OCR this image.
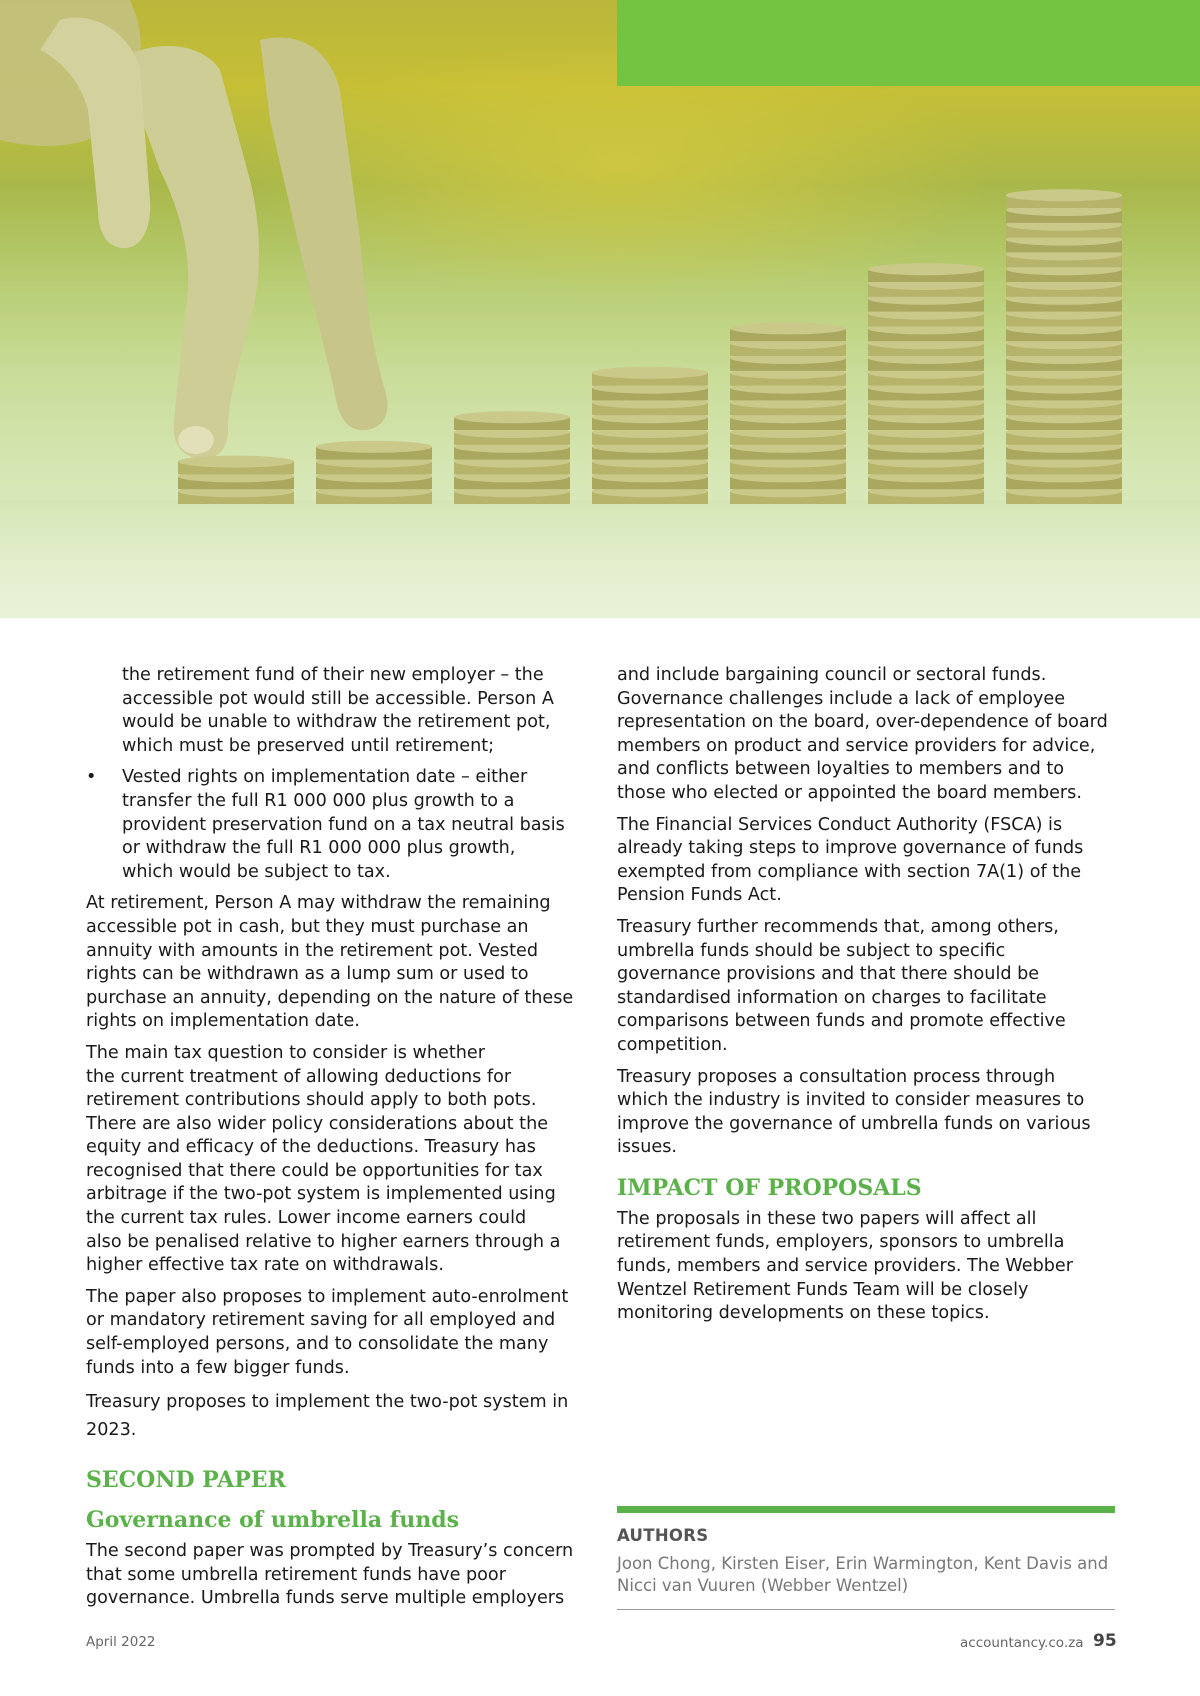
the retirement fund of their new employer – the
accessible pot would still be accessible. Person A
would be unable to withdraw the retirement pot,
which must be preserved until retirement;

•	Vested rights on implementation date – either
transfer the full R1 000 000 plus growth to a
provident preservation fund on a tax neutral basis
or withdraw the full R1 000 000 plus growth,
which would be subject to tax.

At retirement, Person A may withdraw the remaining
accessible pot in cash, but they must purchase an
annuity with amounts in the retirement pot. Vested
rights can be withdrawn as a lump sum or used to
purchase an annuity, depending on the nature of these
rights on implementation date.

The main tax question to consider is whether
the current treatment of allowing deductions for
retirement contributions should apply to both pots.
There are also wider policy considerations about the
equity and efficacy of the deductions. Treasury has
recognised that there could be opportunities for tax
arbitrage if the two-pot system is implemented using
the current tax rules. Lower income earners could
also be penalised relative to higher earners through a
higher effective tax rate on withdrawals.

The paper also proposes to implement auto-enrolment
or mandatory retirement saving for all employed and
self-employed persons, and to consolidate the many
funds into a few bigger funds.

Treasury proposes to implement the two-pot system in
2023.

SECOND PAPER
Governance of umbrella funds

The second paper was prompted by Treasury’s concern
that some umbrella retirement funds have poor
governance. Umbrella funds serve multiple employers

and include bargaining council or sectoral funds.
Governance challenges include a lack of employee
representation on the board, over-dependence of board
members on product and service providers for advice,
and conflicts between loyalties to members and to
those who elected or appointed the board members.

The Financial Services Conduct Authority (FSCA) is
already taking steps to improve governance of funds
exempted from compliance with section 7A(1) of the
Pension Funds Act.

Treasury further recommends that, among others,
umbrella funds should be subject to specific
governance provisions and that there should be
standardised information on charges to facilitate
comparisons between funds and promote effective
competition.

Treasury proposes a consultation process through
which the industry is invited to consider measures to
improve the governance of umbrella funds on various
issues.

IMPACT OF PROPOSALS

The proposals in these two papers will affect all
retirement funds, employers, sponsors to umbrella
funds, members and service providers. The Webber
Wentzel Retirement Funds Team will be closely
monitoring developments on these topics.

AUTHORS
Joon Chong, Kirsten Eiser, Erin Warmington, Kent Davis and
Nicci van Vuuren (Webber Wentzel)
April 2022	accountancy.co.za 95
